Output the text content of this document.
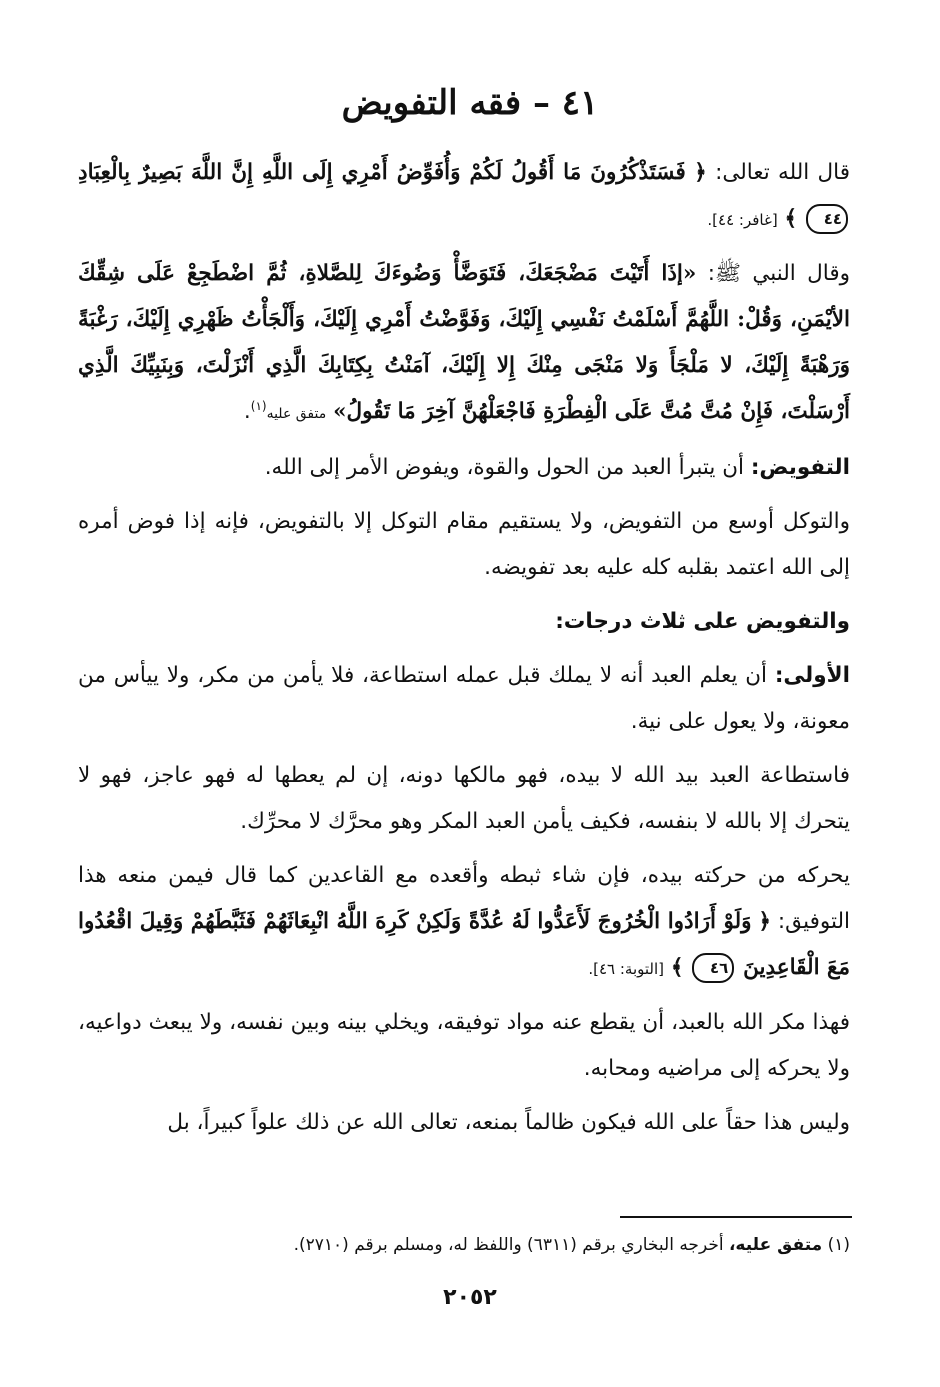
٤١ – فقه التفويض

قال الله تعالى: ﴿ فَسَتَذْكُرُونَ مَا أَقُولُ لَكُمْ وَأُفَوِّضُ أَمْرِي إِلَى اللَّهِ إِنَّ اللَّهَ بَصِيرٌ بِالْعِبَادِ ٤٤ ﴾ [غافر: ٤٤].

وقال النبي ﷺ: «إذَا أَتَيْتَ مَضْجَعَكَ، فَتَوَضَّأْ وَضُوءَكَ لِلصَّلاةِ، ثُمَّ اضْطَجِعْ عَلَى شِقِّكَ الأيْمَنِ، وَقُلْ: اللَّهُمَّ أَسْلَمْتُ نَفْسِي إِلَيْكَ، وَفَوَّضْتُ أَمْرِي إِلَيْكَ، وَأَلْجَأْتُ ظَهْرِي إِلَيْكَ، رَغْبَةً وَرَهْبَةً إِلَيْكَ، لا مَلْجَأَ وَلا مَنْجَى مِنْكَ إِلا إِلَيْكَ، آمَنْتُ بِكِتَابِكَ الَّذِي أَنْزَلْتَ، وَبِنَبِيِّكَ الَّذِي أَرْسَلْتَ، فَإِنْ مُتَّ مُتَّ عَلَى الْفِطْرَةِ فَاجْعَلْهُنَّ آخِرَ مَا تَقُولُ» متفق عليه$^{(١)}$.

التفويض: أن يتبرأ العبد من الحول والقوة، ويفوض الأمر إلى الله.

والتوكل أوسع من التفويض، ولا يستقيم مقام التوكل إلا بالتفويض، فإنه إذا فوض أمره إلى الله اعتمد بقلبه كله عليه بعد تفويضه.

والتفويض على ثلاث درجات:

الأولى: أن يعلم العبد أنه لا يملك قبل عمله استطاعة، فلا يأمن من مكر، ولا ييأس من معونة، ولا يعول على نية.

فاستطاعة العبد بيد الله لا بيده، فهو مالكها دونه، إن لم يعطها له فهو عاجز، فهو لا يتحرك إلا بالله لا بنفسه، فكيف يأمن العبد المكر وهو محرَّك لا محرِّك.

يحركه من حركته بيده، فإن شاء ثبطه وأقعده مع القاعدين كما قال فيمن منعه هذا التوفيق: ﴿ وَلَوْ أَرَادُوا الْخُرُوجَ لَأَعَدُّوا لَهُ عُدَّةً وَلَكِنْ كَرِهَ اللَّهُ انْبِعَاثَهُمْ فَثَبَّطَهُمْ وَقِيلَ اقْعُدُوا مَعَ الْقَاعِدِينَ ٤٦ ﴾ [التوبة: ٤٦].

فهذا مكر الله بالعبد، أن يقطع عنه مواد توفيقه، ويخلي بينه وبين نفسه، ولا يبعث دواعيه، ولا يحركه إلى مراضيه ومحابه.

وليس هذا حقاً على الله فيكون ظالماً بمنعه، تعالى الله عن ذلك علواً كبيراً، بل

(١) متفق عليه، أخرجه البخاري برقم (٦٣١١) واللفظ له، ومسلم برقم (٢٧١٠).
٢٠٥٢
